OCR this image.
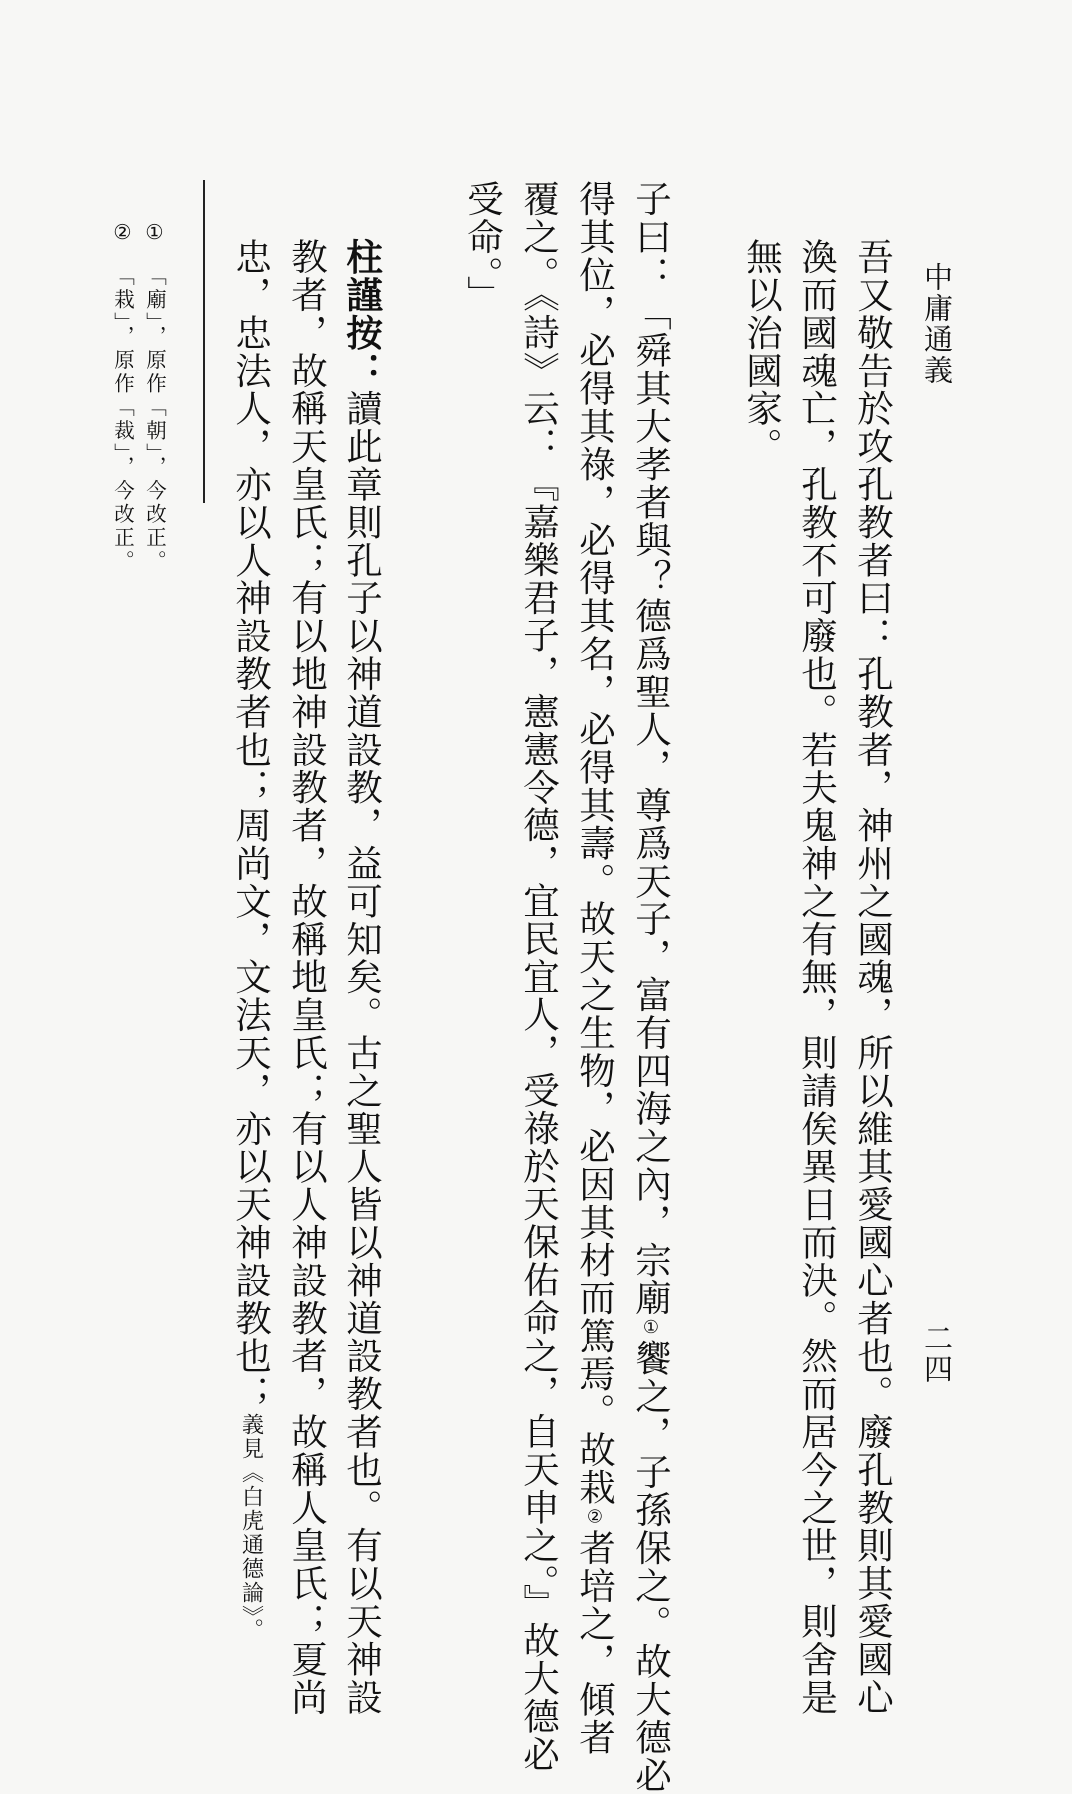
中庸通義
二四
吾又敬告於攻孔教者曰：孔教者，神州之國魂，所以維其愛國心者也。廢孔教則其愛國心
渙而國魂亡，孔教不可廢也。若夫鬼神之有無，則請俟異日而決。然而居今之世，則舍是
無以治國家。
子曰：「舜其大孝者與？德爲聖人，尊爲天子，富有四海之內，宗廟①饗之，子孫保之。故大德必
得其位，必得其祿，必得其名，必得其壽。故天之生物，必因其材而篤焉。故栽②者培之，傾者
覆之。《詩》云：『嘉樂君子，憲憲令德，宜民宜人，受祿於天保佑命之，自天申之。』故大德必
受命。」
柱謹按：讀此章則孔子以神道設教，益可知矣。古之聖人皆以神道設教者也。有以天神設
教者，故稱天皇氏；有以地神設教者，故稱地皇氏；有以人神設教者，故稱人皇氏；夏尚
忠，忠法人，亦以人神設教者也；周尚文，文法天，亦以天神設教也；義見《白虎通德論》。
①「廟」，原作「朝」，今改正。
②「栽」，原作「裁」，今改正。
